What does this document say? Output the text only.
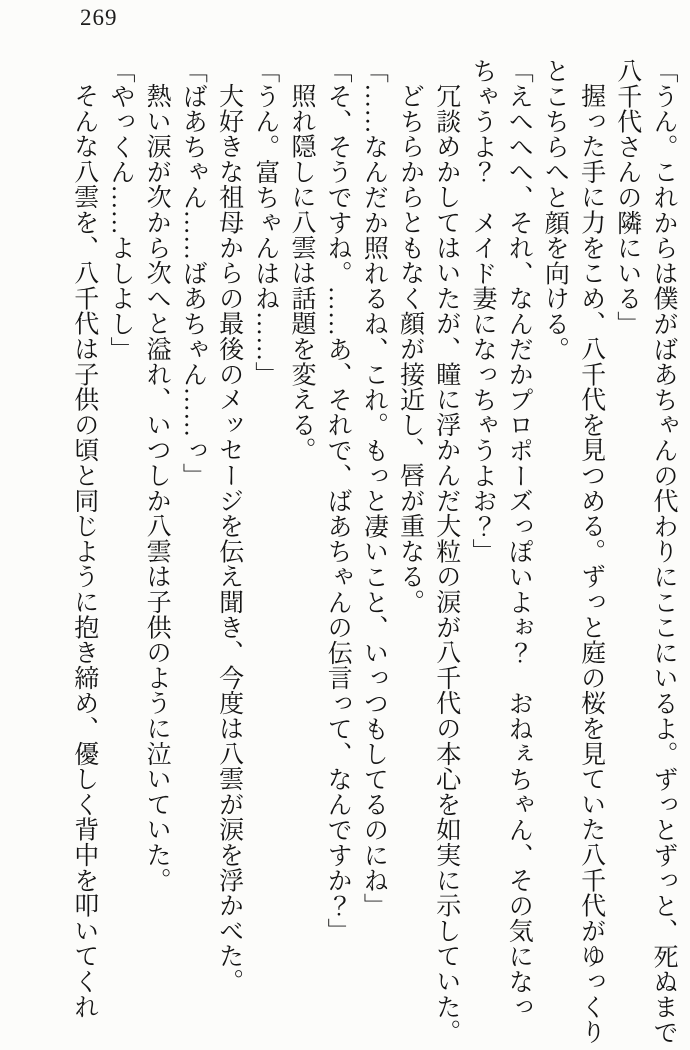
269

「うん。これからは僕がばあちゃんの代わりにここにいるよ。ずっとずっと、死ぬまで八千代さんの隣にいる」

握った手に力をこめ、八千代を見つめる。ずっと庭の桜を見ていた八千代がゆっくりとこちらへと顔を向ける。

「えへへへ、それ、なんだかプロポーズっぽいよぉ？　おねぇちゃん、その気になっちゃうよ？　メイド妻になっちゃうよお？」

冗談めかしてはいたが、瞳に浮かんだ大粒の涙が八千代の本心を如実に示していた。

どちらからともなく顔が接近し、唇が重なる。

「……なんだか照れるね、これ。もっと凄いこと、いっつもしてるのにね」

「そ、そうですね。……あ、それで、ばあちゃんの伝言って、なんですか？」

照れ隠しに八雲は話題を変える。

「うん。富ちゃんはね……」

大好きな祖母からの最後のメッセージを伝え聞き、今度は八雲が涙を浮かべた。

「ばあちゃん……ばあちゃん……っ」

熱い涙が次から次へと溢れ、いつしか八雲は子供のように泣いていた。

「やっくん……よしよし」

そんな八雲を、八千代は子供の頃と同じように抱き締め、優しく背中を叩いてくれ
